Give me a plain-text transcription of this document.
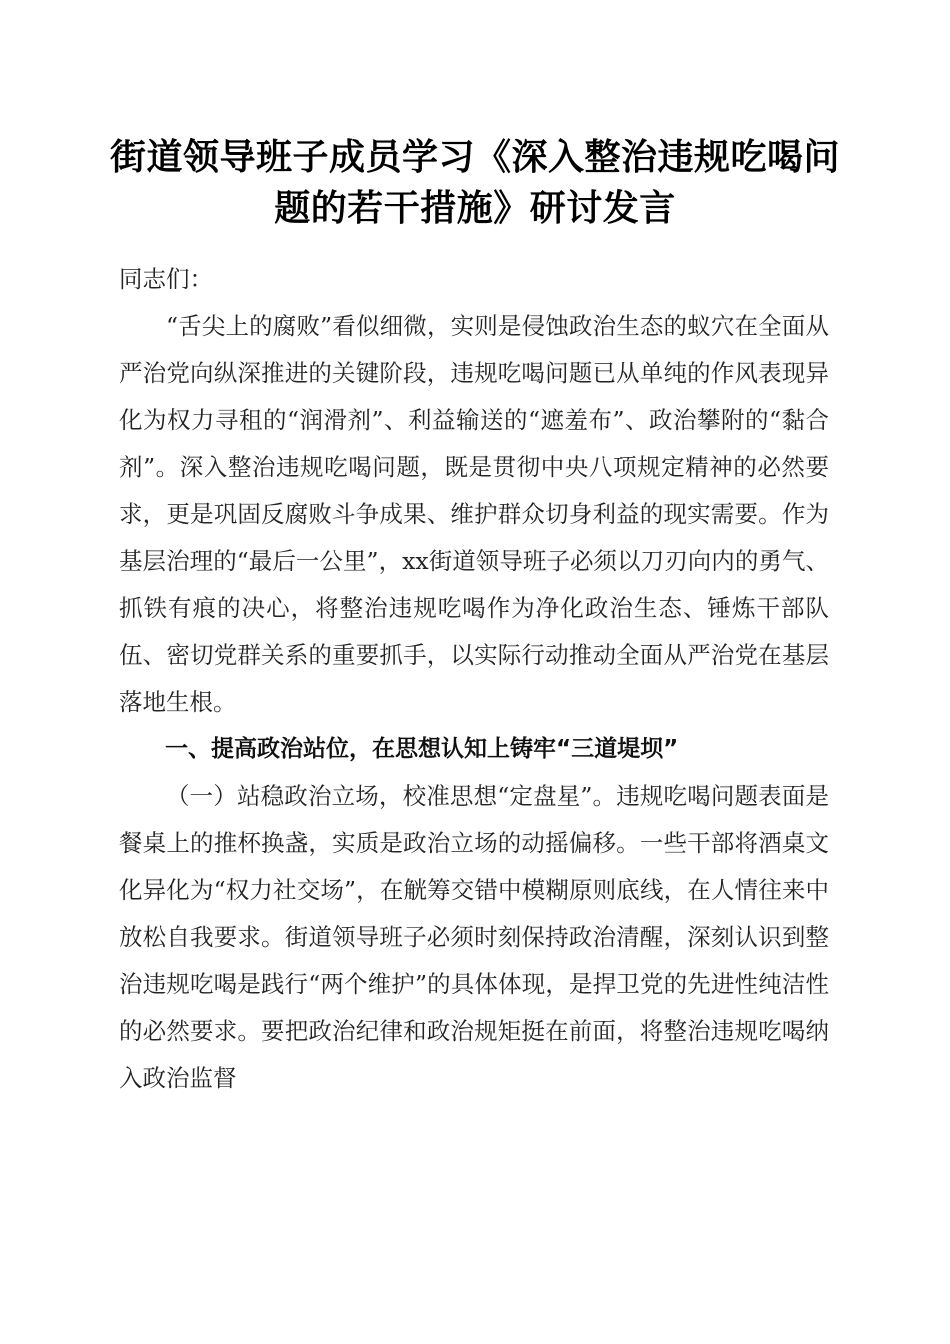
街道领导班子成员学习《深入整治违规吃喝问
题的若干措施》研讨发言

同志们：

“舌尖上的腐败”看似细微，实则是侵蚀政治生态的蚁穴在全面从严治党向纵深推进的关键阶段，违规吃喝问题已从单纯的作风表现异化为权力寻租的“润滑剂”、利益输送的“遮羞布”、政治攀附的“黏合剂”。深入整治违规吃喝问题，既是贯彻中央八项规定精神的必然要求，更是巩固反腐败斗争成果、维护群众切身利益的现实需要。作为基层治理的“最后一公里”，xx街道领导班子必须以刀刃向内的勇气、抓铁有痕的决心，将整治违规吃喝作为净化政治生态、锤炼干部队伍、密切党群关系的重要抓手，以实际行动推动全面从严治党在基层落地生根。

一、提高政治站位，在思想认知上铸牢“三道堤坝”

（一）站稳政治立场，校准思想“定盘星”。违规吃喝问题表面是餐桌上的推杯换盏，实质是政治立场的动摇偏移。一些干部将酒桌文化异化为“权力社交场”，在觥筹交错中模糊原则底线，在人情往来中放松自我要求。街道领导班子必须时刻保持政治清醒，深刻认识到整治违规吃喝是践行“两个维护”的具体体现，是捍卫党的先进性纯洁性的必然要求。要把政治纪律和政治规矩挺在前面，将整治违规吃喝纳入政治监督
